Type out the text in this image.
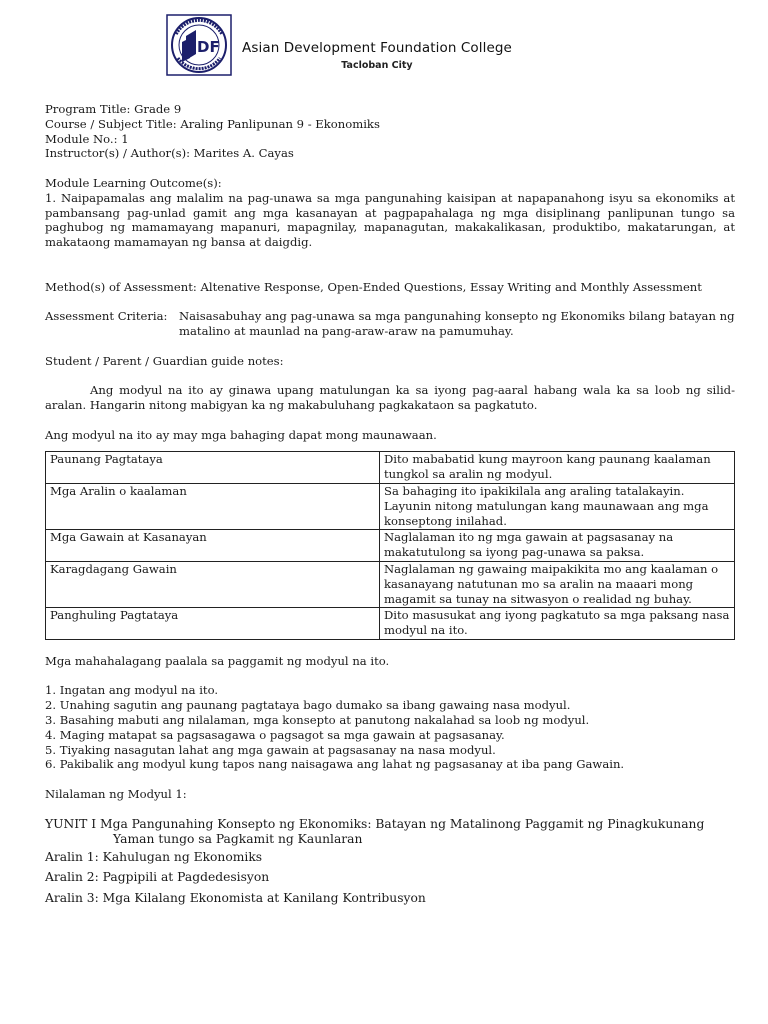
DF Asian Development Foundation College
Tacloban City
Program Title: Grade 9
Course / Subject Title: Araling Panlipunan 9 - Ekonomiks
Module No.: 1
Instructor(s) / Author(s): Marites A. Cayas
Module Learning Outcome(s):
1. Naipapamalas ang malalim na pag-unawa sa mga pangunahing kaisipan at napapanahong isyu sa ekonomiks at pambansang pag-unlad gamit ang mga kasanayan at pagpapahalaga ng mga disiplinang panlipunan tungo sa paghubog ng mamamayang mapanuri, mapagnilay, mapanagutan, makakalikasan, produktibo, makatarungan, at makataong mamamayan ng bansa at daigdig.
Method(s) of Assessment: Altenative Response, Open-Ended Questions, Essay Writing and Monthly Assessment
Assessment Criteria: Naisasabuhay ang pag-unawa sa mga pangunahing konsepto ng Ekonomiks bilang batayan ng matalino at maunlad na pang-araw-araw na pamumuhay.
Student / Parent / Guardian guide notes:
Ang modyul na ito ay ginawa upang matulungan ka sa iyong pag-aaral habang wala ka sa loob ng silid-aralan. Hangarin nitong mabigyan ka ng makabuluhang pagkakataon sa pagkatuto.
Ang modyul na ito ay may mga bahaging dapat mong maunawaan.
Paunang Pagtataya	Dito mababatid kung mayroon kang paunang kaalaman tungkol sa aralin ng modyul.
Mga Aralin o kaalaman	Sa bahaging ito ipakikilala ang araling tatalakayin. Layunin nitong matulungan kang maunawaan ang mga konseptong inilahad.
Mga Gawain at Kasanayan	Naglalaman ito ng mga gawain at pagsasanay na makatutulong sa iyong pag-unawa sa paksa.
Karagdagang Gawain	Naglalaman ng gawaing maipakikita mo ang kaalaman o kasanayang natutunan mo sa aralin na maaari mong magamit sa tunay na sitwasyon o realidad ng buhay.
Panghuling Pagtataya	Dito masusukat ang iyong pagkatuto sa mga paksang nasa modyul na ito.
Mga mahahalagang paalala sa paggamit ng modyul na ito.
1. Ingatan ang modyul na ito.
2. Unahing sagutin ang paunang pagtataya bago dumako sa ibang gawaing nasa modyul.
3. Basahing mabuti ang nilalaman, mga konsepto at panutong nakalahad sa loob ng modyul.
4. Maging matapat sa pagsasagawa o pagsagot sa mga gawain at pagsasanay.
5. Tiyaking nasagutan lahat ang mga gawain at pagsasanay na nasa modyul.
6. Pakibalik ang modyul kung tapos nang naisagawa ang lahat ng pagsasanay at iba pang Gawain.
Nilalaman ng Modyul 1:
YUNIT I Mga Pangunahing Konsepto ng Ekonomiks: Batayan ng Matalinong Paggamit ng Pinagkukunang
Yaman tungo sa Pagkamit ng Kaunlaran
Aralin 1: Kahulugan ng Ekonomiks
Aralin 2: Pagpipili at Pagdedesisyon
Aralin 3: Mga Kilalang Ekonomista at Kanilang Kontribusyon
